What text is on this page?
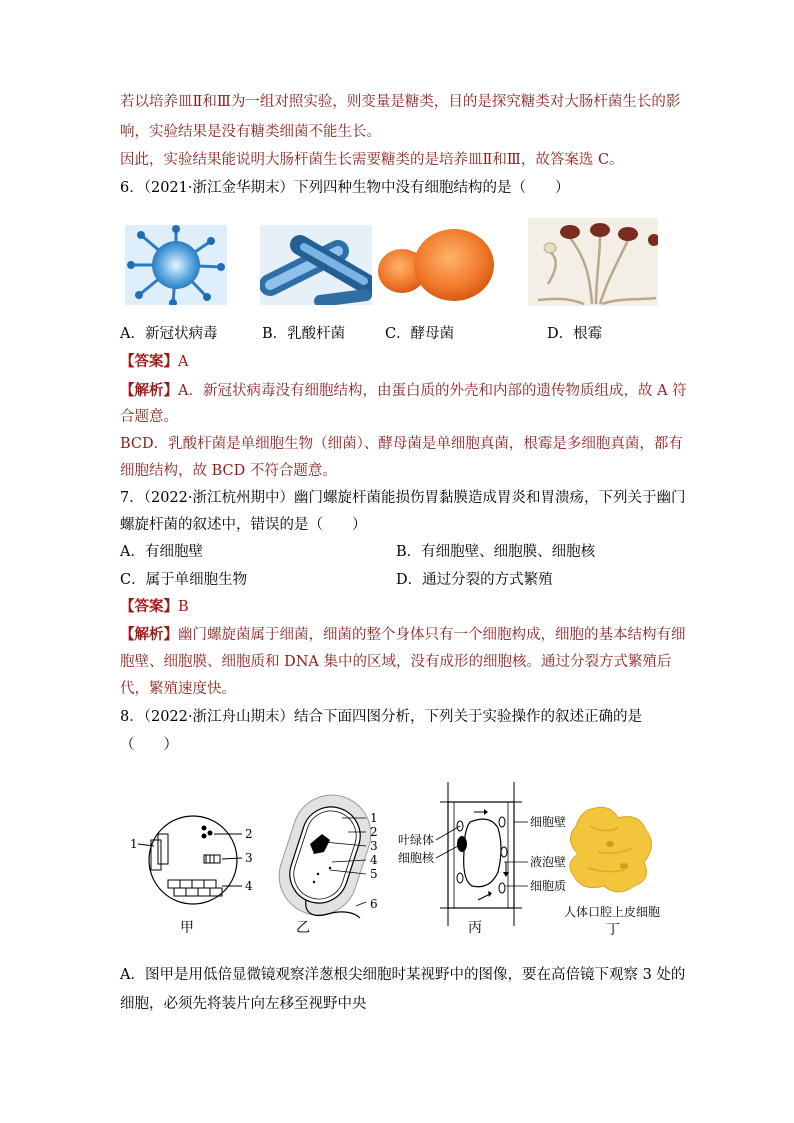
若以培养皿Ⅱ和Ⅲ为一组对照实验，则变量是糖类，目的是探究糖类对大肠杆菌生长的影
响，实验结果是没有糖类细菌不能生长。
因此，实验结果能说明大肠杆菌生长需要糖类的是培养皿Ⅱ和Ⅲ，故答案选 C。
6．（2021·浙江金华期末）下列四种生物中没有细胞结构的是（　　）
A．新冠状病毒	B．乳酸杆菌	C．酵母菌	D．根霉
【答案】A
【解析】A．新冠状病毒没有细胞结构，由蛋白质的外壳和内部的遗传物质组成，故 A 符
合题意。
BCD．乳酸杆菌是单细胞生物（细菌）、酵母菌是单细胞真菌，根霉是多细胞真菌，都有
细胞结构，故 BCD 不符合题意。
7．（2022·浙江杭州期中）幽门螺旋杆菌能损伤胃黏膜造成胃炎和胃溃疡，下列关于幽门
螺旋杆菌的叙述中，错误的是（　　）
A．有细胞壁	B．有细胞壁、细胞膜、细胞核
C．属于单细胞生物	D．通过分裂的方式繁殖
【答案】B
【解析】幽门螺旋菌属于细菌，细菌的整个身体只有一个细胞构成，细胞的基本结构有细
胞壁、细胞膜、细胞质和 DNA 集中的区域，没有成形的细胞核。通过分裂方式繁殖后
代，繁殖速度快。
8．（2022·浙江舟山期末）结合下面四图分析，下列关于实验操作的叙述正确的是
（　　）
1
2
3
4
甲
1
2
3
4
5
6
乙
叶绿体
细胞核
细胞壁
液泡壁
细胞质
丙
人体口腔上皮细胞
丁
A．图甲是用低倍显微镜观察洋葱根尖细胞时某视野中的图像，要在高倍镜下观察 3 处的
细胞，必须先将装片向左移至视野中央
